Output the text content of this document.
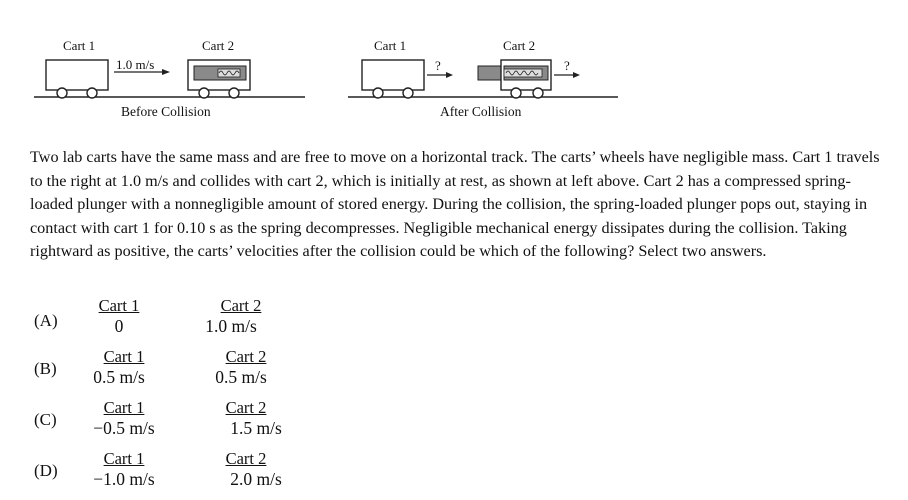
Cart 1	Cart 2
1.0 m/s
Cart 1	Cart 2
?	?
Before Collision	After Collision

Two lab carts have the same mass and are free to move on a horizontal track. The carts’ wheels have negligible mass. Cart 1 travels to the right at 1.0 m/s and collides with cart 2, which is initially at rest, as shown at left above. Cart 2 has a compressed spring-loaded plunger with a nonnegligible amount of stored energy. During the collision, the spring-loaded plunger pops out, staying in contact with cart 1 for 0.10 s as the spring decompresses. Negligible mechanical energy dissipates during the collision. Taking rightward as positive, the carts’ velocities after the collision could be which of the following? Select two answers.

(A)
Cart 1	Cart 2
0	1.0 m/s
(B)
Cart 1	Cart 2
0.5 m/s	0.5 m/s
(C)
Cart 1	Cart 2
−0.5 m/s	1.5 m/s
(D)
Cart 1	Cart 2
−1.0 m/s	2.0 m/s
